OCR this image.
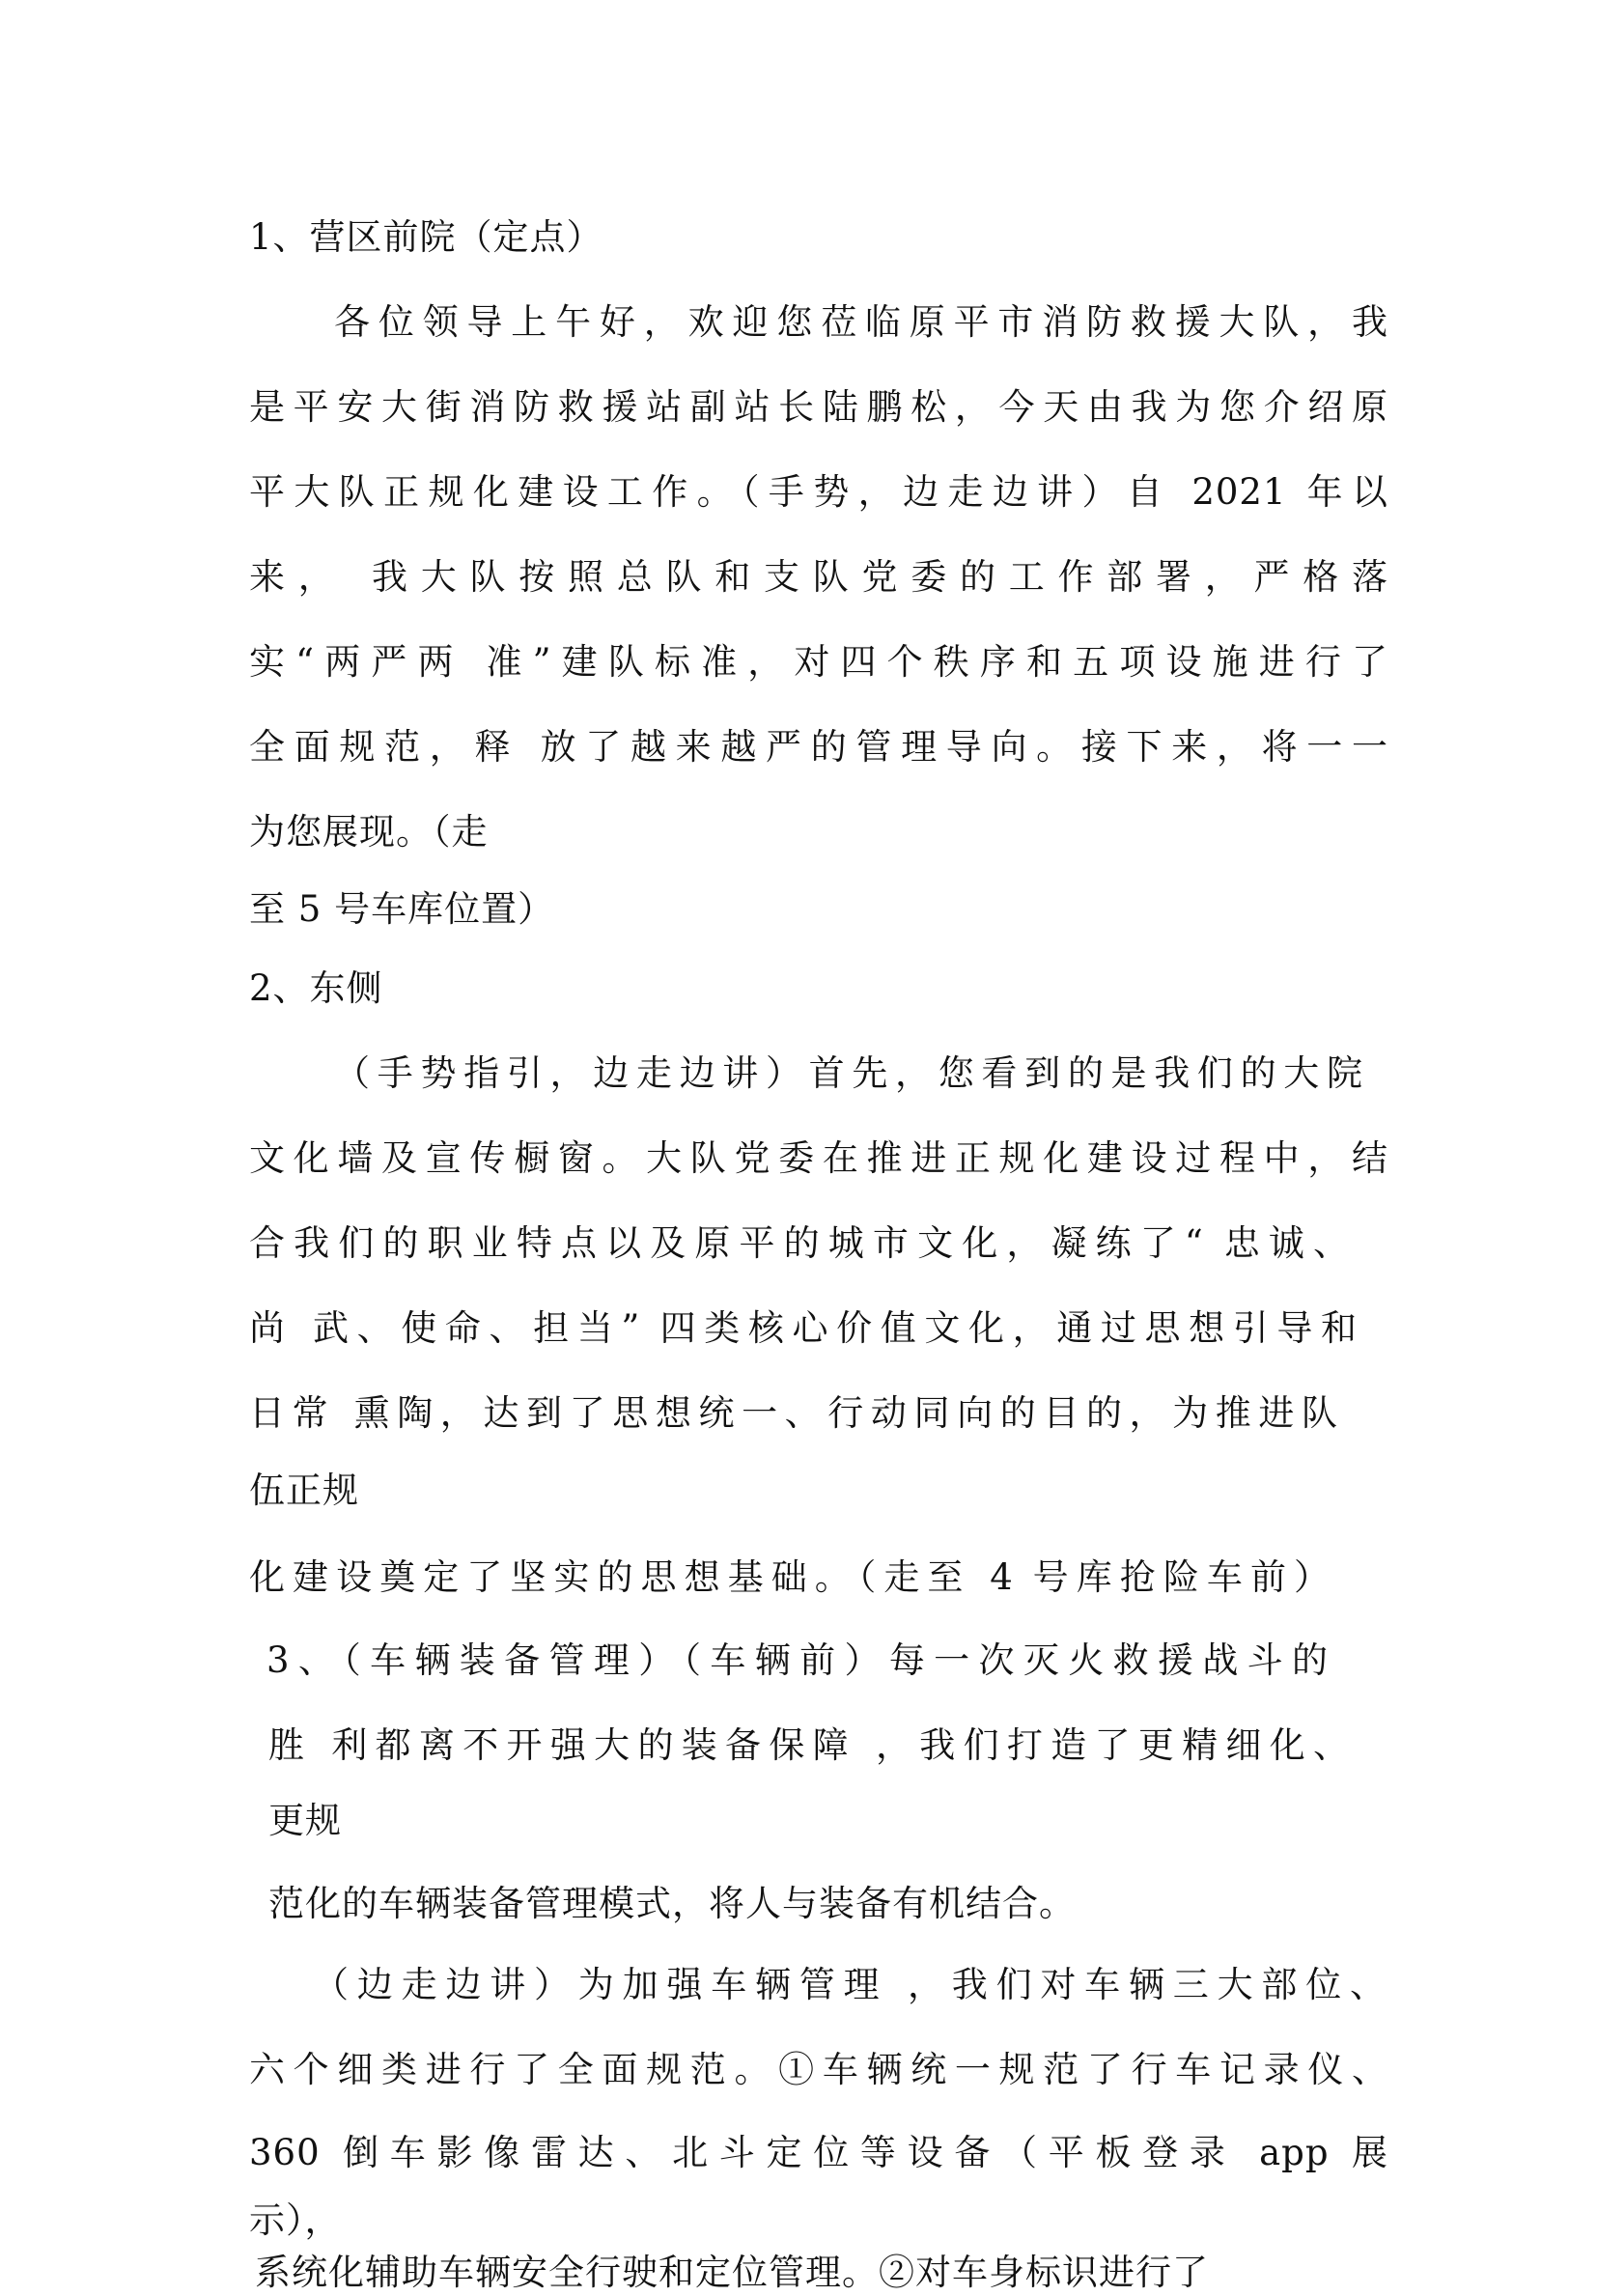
1、营区前院（定点）

各位领导上午好，欢迎您莅临原平市消防救援大队，我

是平安大街消防救援站副站长陆鹏松，今天由我为您介绍原

平大队正规化建设工作。（手势，边走边讲）自 2021 年以

来， 我大队按照总队和支队党委的工作部署，严格落

实“两严两 准”建队标准，对四个秩序和五项设施进行了

全面规范，释 放了越来越严的管理导向。接下来，将一一

为您展现。（走

至 5 号车库位置）

2、东侧

（手势指引，边走边讲）首先，您看到的是我们的大院

文化墙及宣传橱窗。大队党委在推进正规化建设过程中，结

合我们的职业特点以及原平的城市文化，凝练了“ 忠诚、

尚 武、使命、担当” 四类核心价值文化，通过思想引导和

日常 熏陶，达到了思想统一、行动同向的目的，为推进队

伍正规

化建设奠定了坚实的思想基础。（走至 4 号库抢险车前）

3、（车辆装备管理）（车辆前）每一次灭火救援战斗的

胜 利都离不开强大的装备保障 ，我们打造了更精细化、

更规

范化的车辆装备管理模式，将人与装备有机结合。

（边走边讲）为加强车辆管理 ，我们对车辆三大部位、

六个细类进行了全面规范。①车辆统一规范了行车记录仪、

360 倒车影像雷达、北斗定位等设备（平板登录 app 展

示），

系统化辅助车辆安全行驶和定位管理。②对车身标识进行了
